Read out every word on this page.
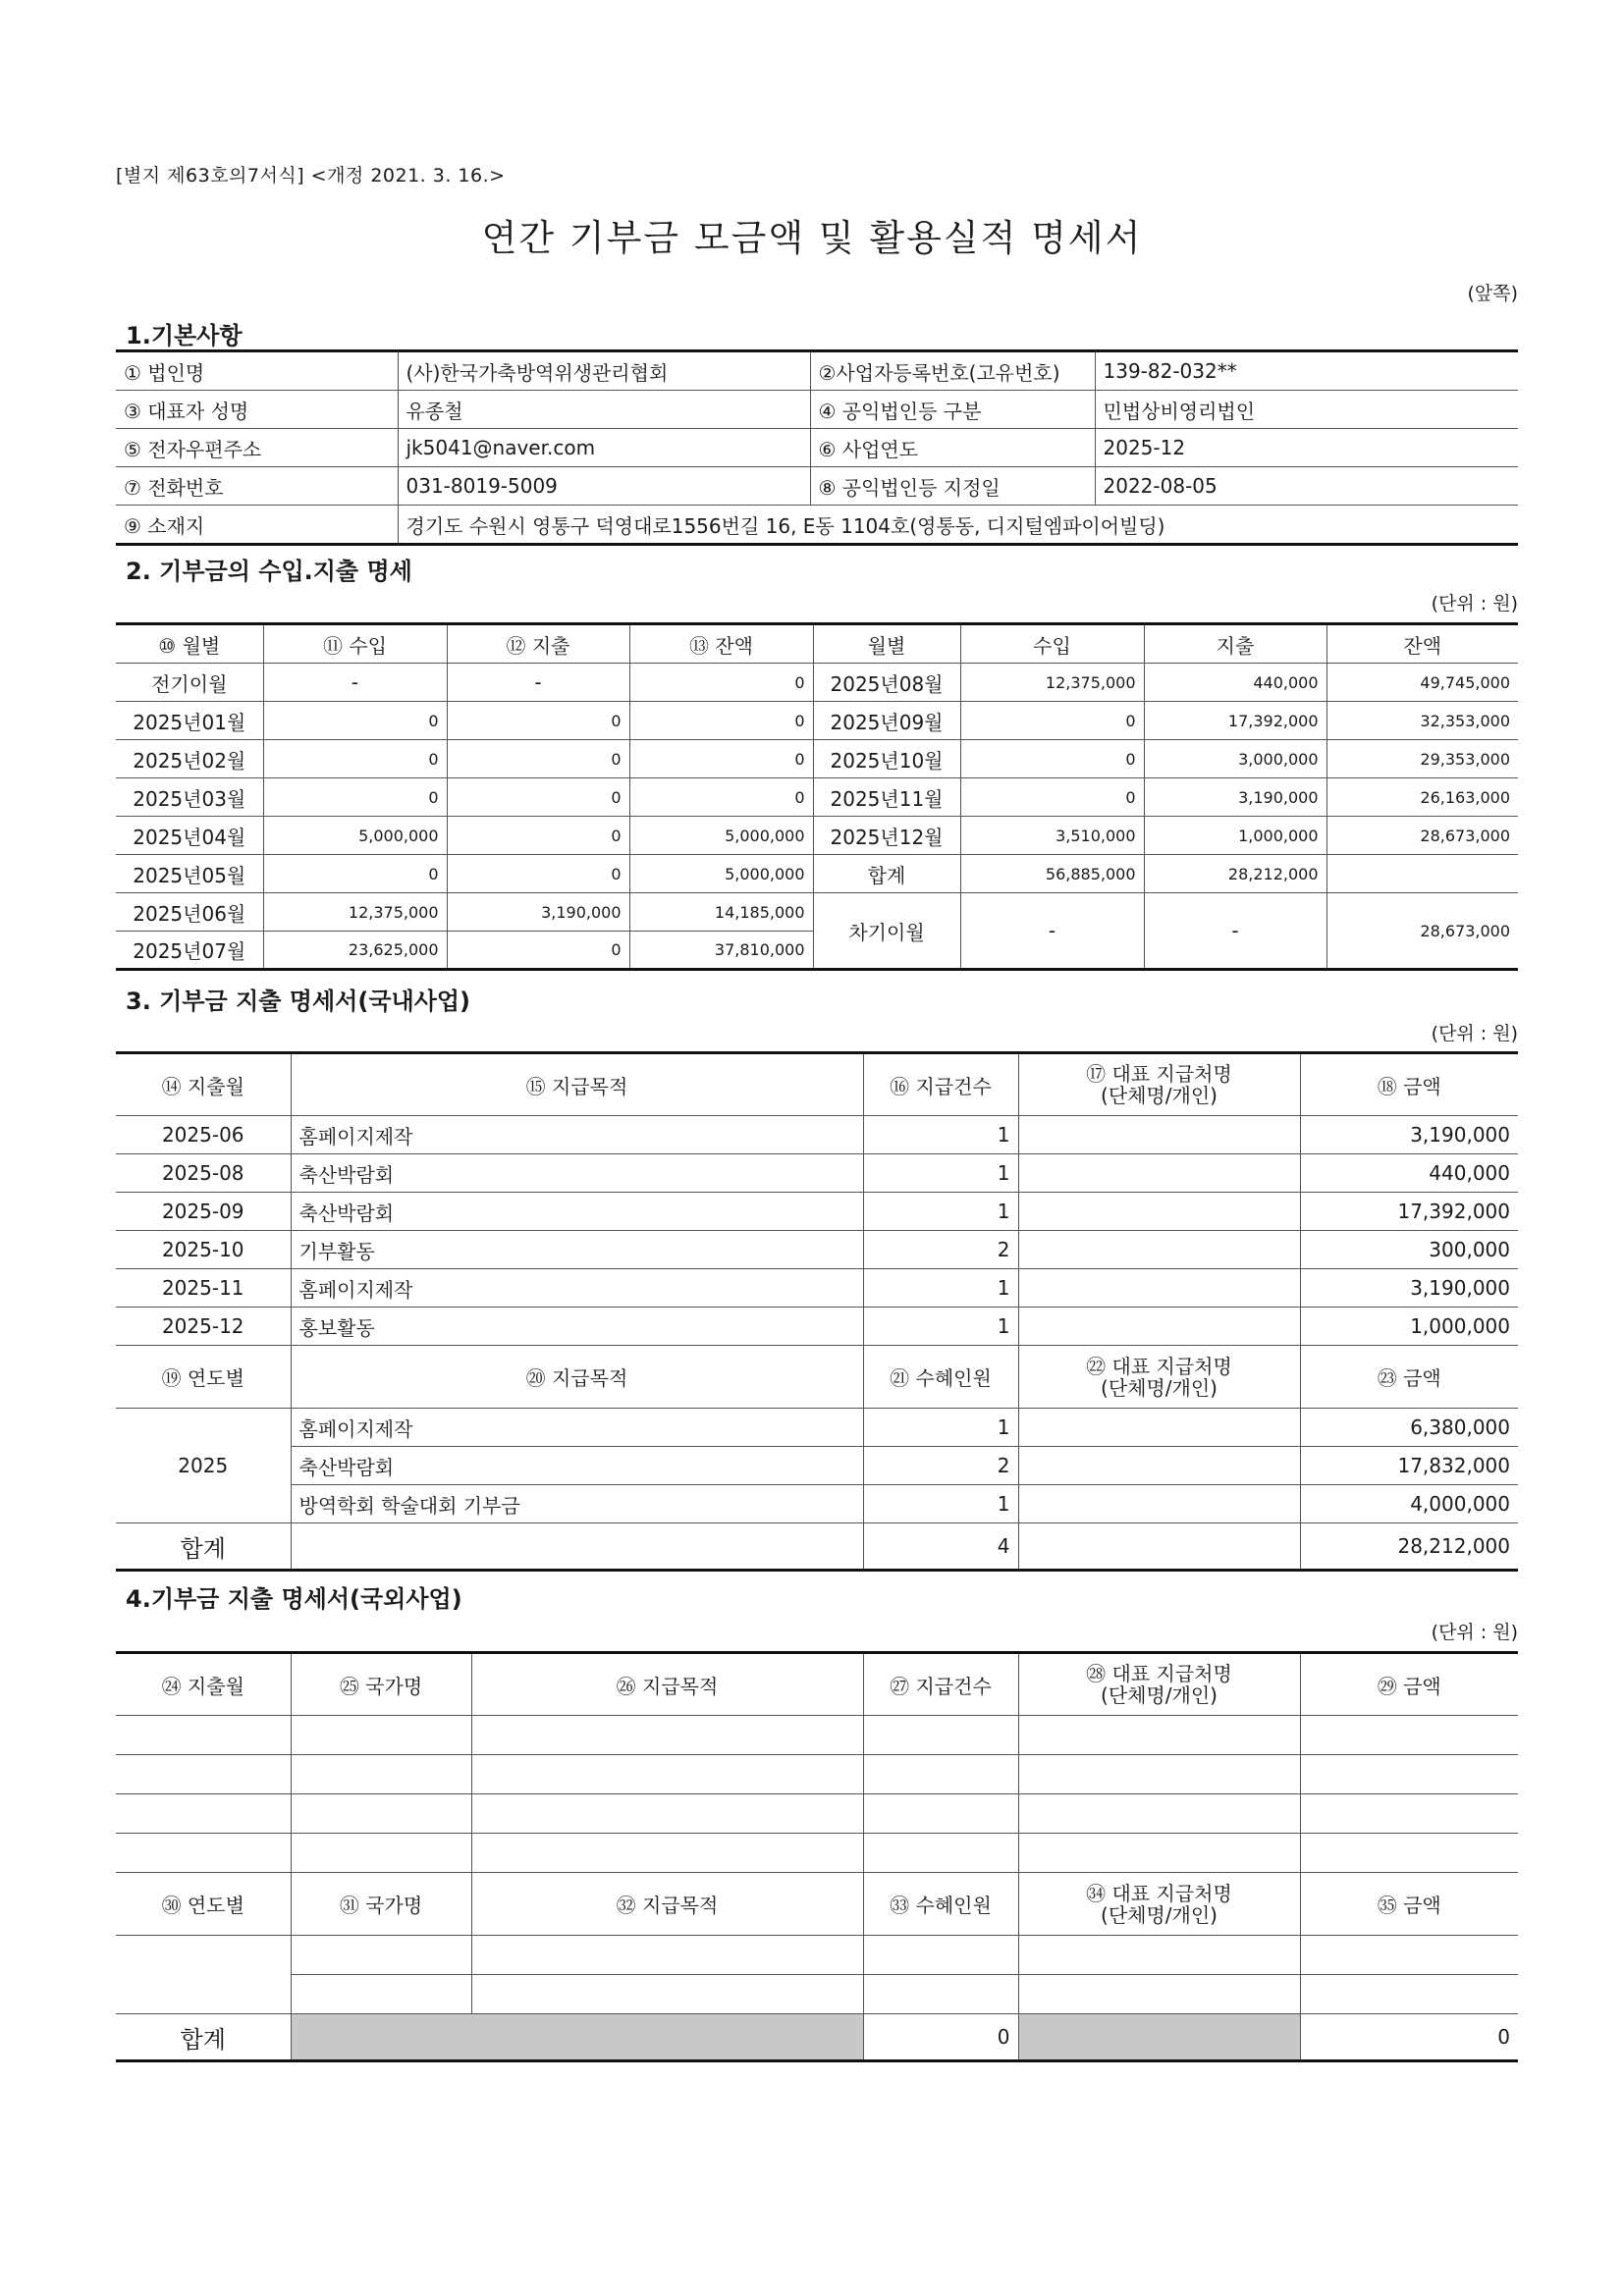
[별지 제63호의7서식] <개정 2021. 3. 16.>
연간 기부금 모금액 및 활용실적 명세서
(앞쪽)
1.기본사항
① 법인명	(사)한국가축방역위생관리협회	②사업자등록번호(고유번호)	139-82-032**
③ 대표자 성명	유종철	④ 공익법인등 구분	민법상비영리법인
⑤ 전자우편주소	jk5041@naver.com	⑥ 사업연도	2025-12
⑦ 전화번호	031-8019-5009	⑧ 공익법인등 지정일	2022-08-05
⑨ 소재지	경기도 수원시 영통구 덕영대로1556번길 16, E동 1104호(영통동, 디지털엠파이어빌딩)		
2. 기부금의 수입.지출 명세
(단위 : 원)
⑩ 월별	⑪ 수입	⑫ 지출	⑬ 잔액	월별	수입	지출	잔액
전기이월	-	-	0	2025년08월	12,375,000	440,000	49,745,000
2025년01월	0	0	0	2025년09월	0	17,392,000	32,353,000
2025년02월	0	0	0	2025년10월	0	3,000,000	29,353,000
2025년03월	0	0	0	2025년11월	0	3,190,000	26,163,000
2025년04월	5,000,000	0	5,000,000	2025년12월	3,510,000	1,000,000	28,673,000
2025년05월	0	0	5,000,000	합계	56,885,000	28,212,000	
2025년06월	12,375,000	3,190,000	14,185,000	차기이월	-	-	28,673,000
2025년07월	23,625,000	0	37,810,000				
3. 기부금 지출 명세서(국내사업)
(단위 : 원)
⑭ 지출월	⑮ 지급목적	⑯ 지급건수	⑰ 대표 지급처명
(단체명/개인)	⑱ 금액
2025-06	홈페이지제작	1		3,190,000
2025-08	축산박람회	1		440,000
2025-09	축산박람회	1		17,392,000
2025-10	기부활동	2		300,000
2025-11	홈페이지제작	1		3,190,000
2025-12	홍보활동	1		1,000,000
⑲ 연도별	⑳ 지급목적	㉑ 수혜인원	㉒ 대표 지급처명
(단체명/개인)	㉓ 금액
2025	홈페이지제작	1		6,380,000
	축산박람회	2		17,832,000
	방역학회 학술대회 기부금	1		4,000,000
합계		4		28,212,000
4.기부금 지출 명세서(국외사업)
(단위 : 원)
㉔ 지출월	㉕ 국가명	㉖ 지급목적	㉗ 지급건수	㉘ 대표 지급처명
(단체명/개인)	㉙ 금액

㉚ 연도별	㉛ 국가명	㉜ 지급목적	㉝ 수혜인원	㉞ 대표 지급처명
(단체명/개인)	㉟ 금액

합계			0		0
